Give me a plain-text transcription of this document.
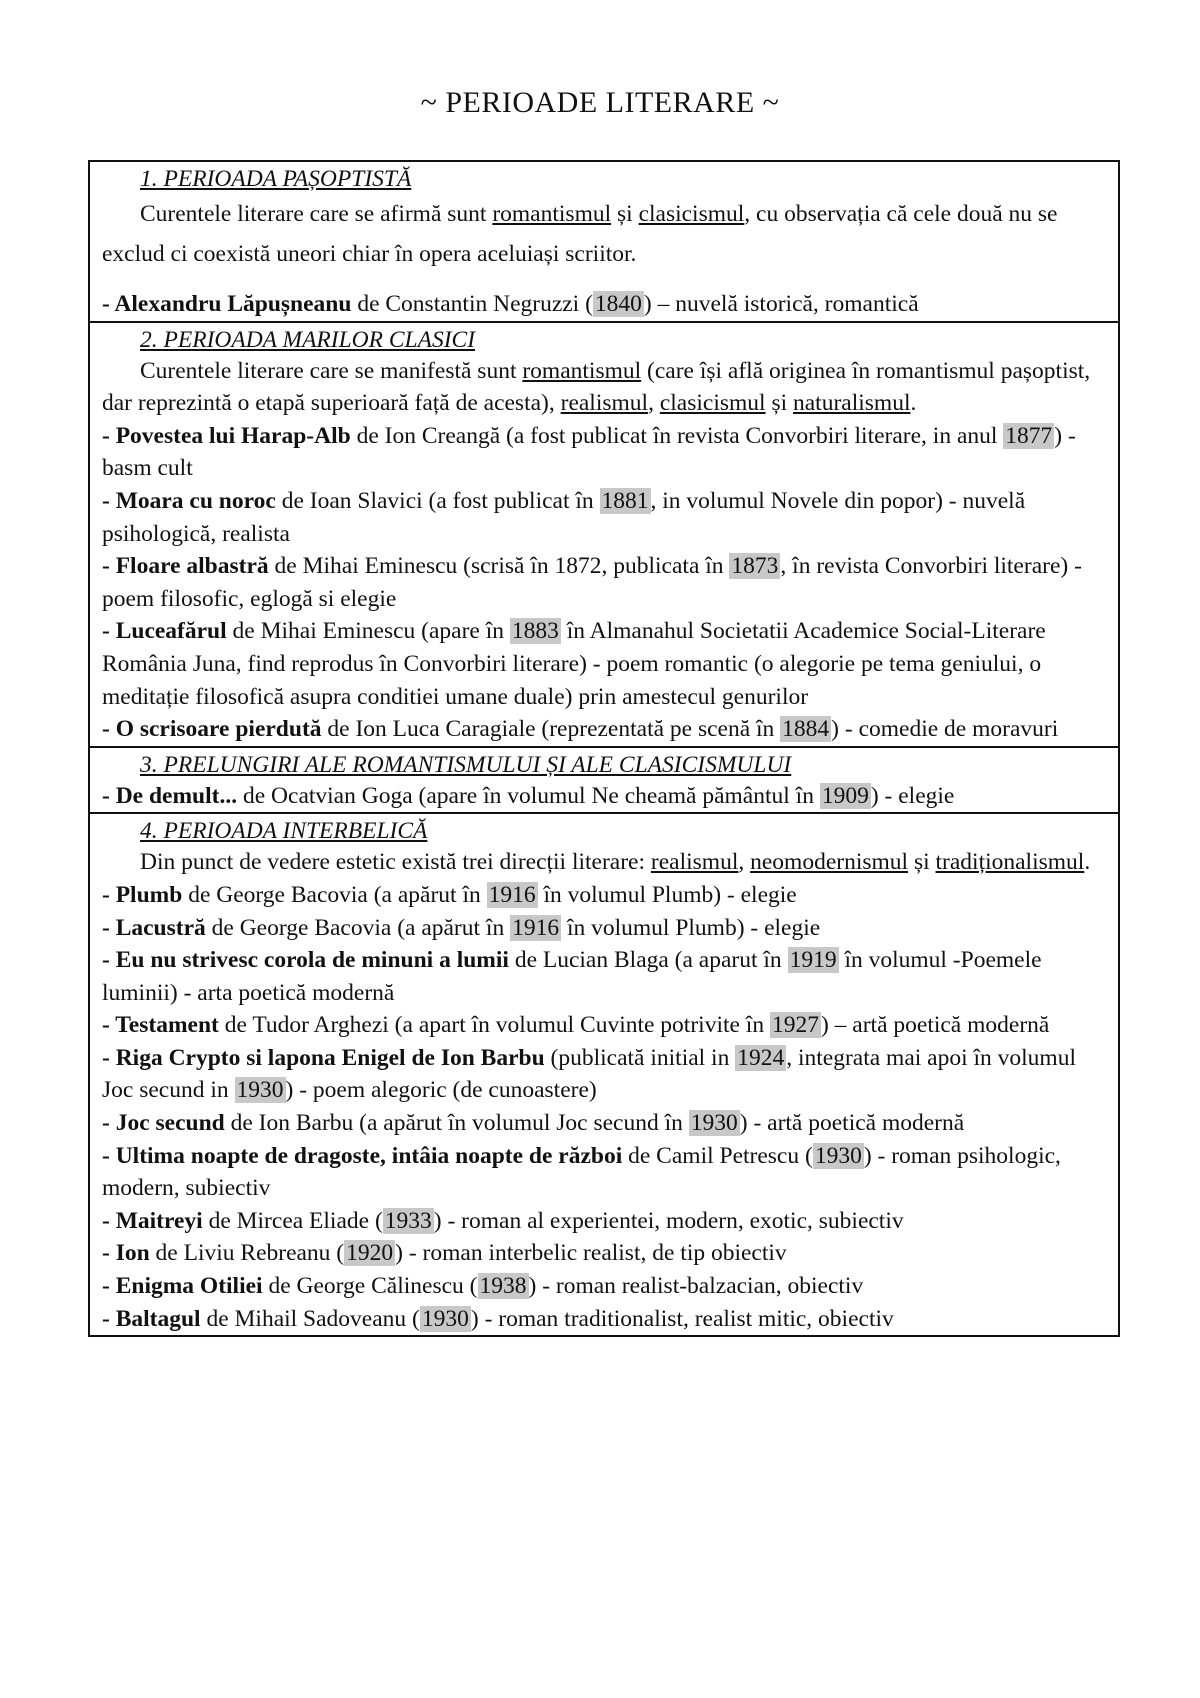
~ PERIOADE LITERARE ~
1. PERIOADA PAȘOPTISTĂ

Curentele literare care se afirmă sunt romantismul și clasicismul, cu observația că cele două nu se exclud ci coexistă uneori chiar în opera aceluiași scriitor.

- Alexandru Lăpușneanu de Constantin Negruzzi (1840) – nuvelă istorică, romantică

2. PERIOADA MARILOR CLASICI

Curentele literare care se manifestă sunt romantismul (care își află originea în romantismul pașoptist, dar reprezintă o etapă superioară față de acesta), realismul, clasicismul și naturalismul.

- Povestea lui Harap-Alb de Ion Creangă (a fost publicat în revista Convorbiri literare, in anul 1877) - basm cult

- Moara cu noroc de Ioan Slavici (a fost publicat în 1881, in volumul Novele din popor) - nuvelă psihologică, realista

- Floare albastră de Mihai Eminescu (scrisă în 1872, publicata în 1873, în revista Convorbiri literare) - poem filosofic, eglogă si elegie

- Luceafărul de Mihai Eminescu (apare în 1883 în Almanahul Societatii Academice Social-Literare România Juna, find reprodus în Convorbiri literare) - poem romantic (o alegorie pe tema geniului, o meditație filosofică asupra conditiei umane duale) prin amestecul genurilor

- O scrisoare pierdută de Ion Luca Caragiale (reprezentată pe scenă în 1884) - comedie de moravuri

3. PRELUNGIRI ALE ROMANTISMULUI ȘI ALE CLASICISMULUI

- De demult... de Ocatvian Goga (apare în volumul Ne cheamă pământul în 1909) - elegie

4. PERIOADA INTERBELICĂ

Din punct de vedere estetic există trei direcții literare: realismul, neomodernismul și tradiționalismul.

- Plumb de George Bacovia (a apărut în 1916 în volumul Plumb) - elegie

- Lacustră de George Bacovia (a apărut în 1916 în volumul Plumb) - elegie

- Eu nu strivesc corola de minuni a lumii de Lucian Blaga (a aparut în 1919 în volumul -Poemele luminii) - arta poetică modernă

- Testament de Tudor Arghezi (a apart în volumul Cuvinte potrivite în 1927) – artă poetică modernă

- Riga Crypto si lapona Enigel de Ion Barbu (publicată initial in 1924, integrata mai apoi în volumul Joc secund in 1930) - poem alegoric (de cunoastere)

- Joc secund de Ion Barbu (a apărut în volumul Joc secund în 1930) - artă poetică modernă

- Ultima noapte de dragoste, intâia noapte de război de Camil Petrescu (1930) - roman psihologic, modern, subiectiv

- Maitreyi de Mircea Eliade (1933) - roman al experientei, modern, exotic, subiectiv

- Ion de Liviu Rebreanu (1920) - roman interbelic realist, de tip obiectiv

- Enigma Otiliei de George Călinescu (1938) - roman realist-balzacian, obiectiv

- Baltagul de Mihail Sadoveanu (1930) - roman traditionalist, realist mitic, obiectiv
